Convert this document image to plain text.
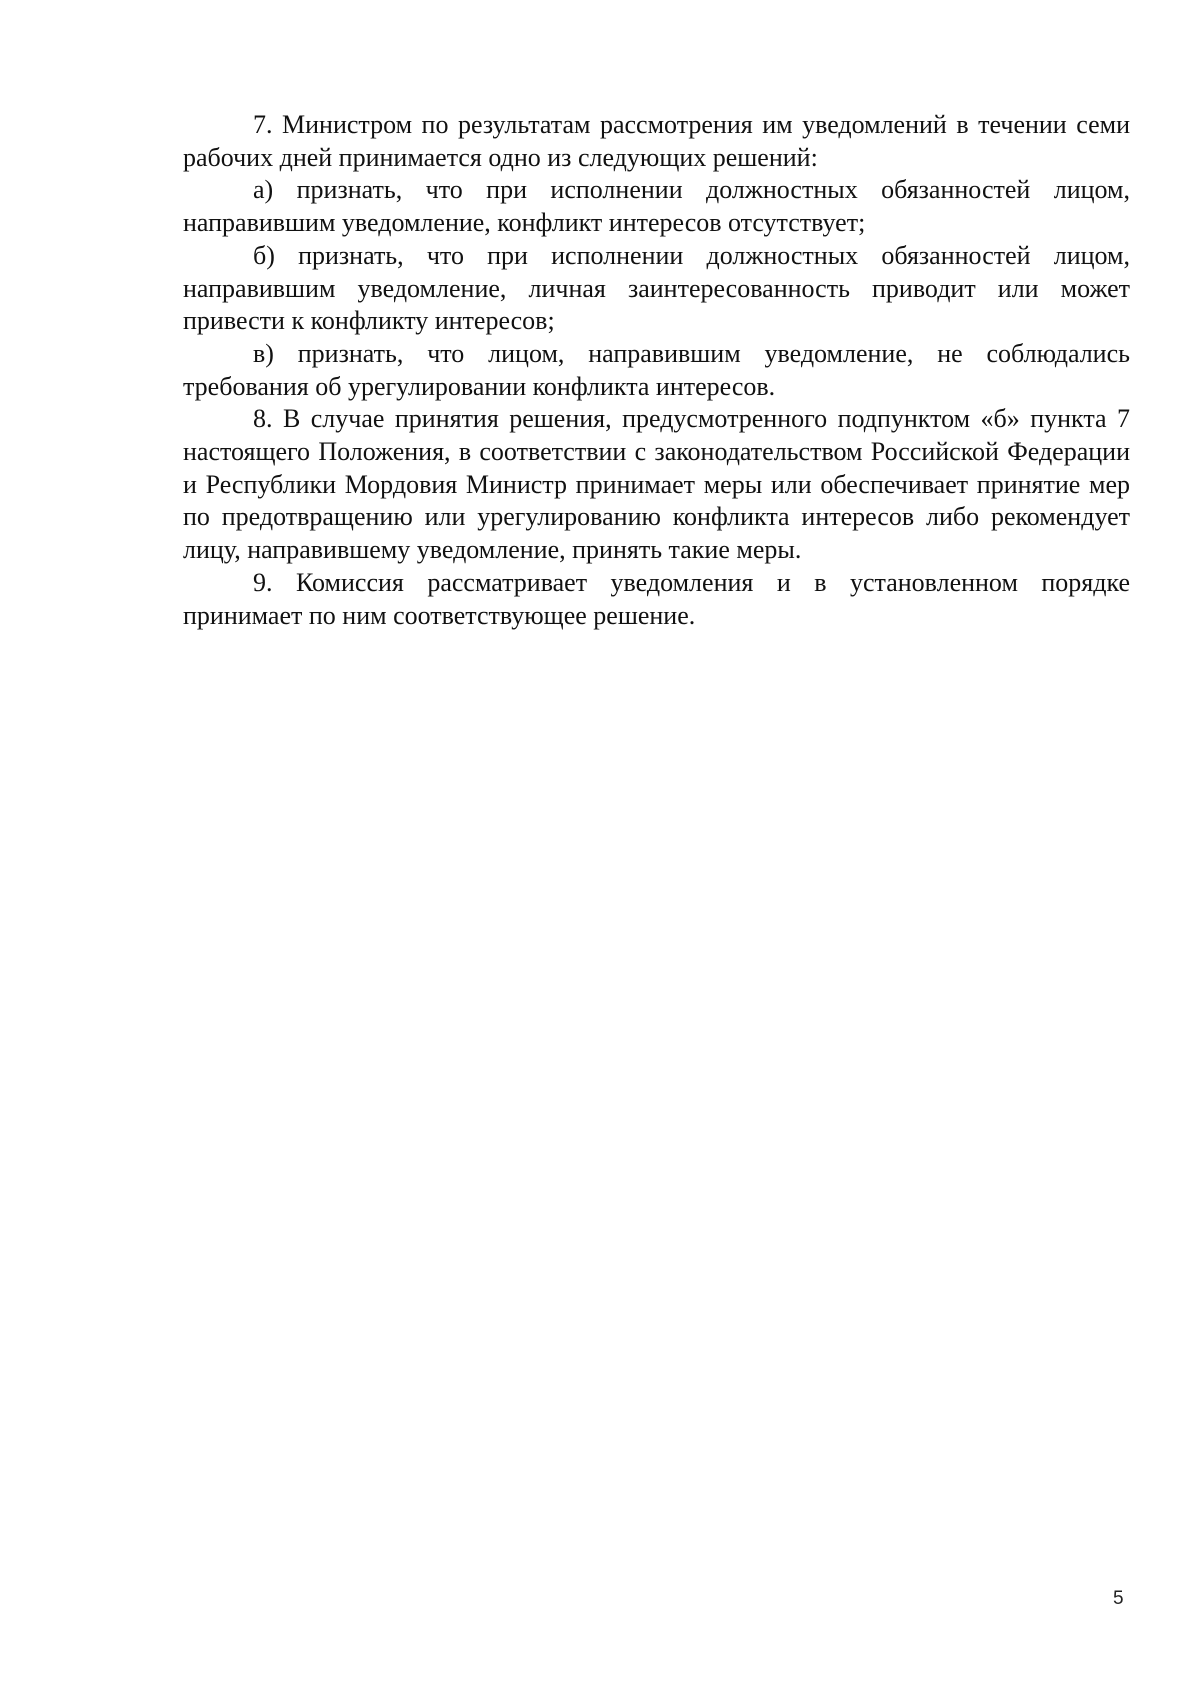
7. Министром по результатам рассмотрения им уведомлений в течении семи рабочих дней принимается одно из следующих решений:

а) признать, что при исполнении должностных обязанностей лицом, направившим уведомление, конфликт интересов отсутствует;

б) признать, что при исполнении должностных обязанностей лицом, направившим уведомление, личная заинтересованность приводит или может привести к конфликту интересов;

в) признать, что лицом, направившим уведомление, не соблюдались требования об урегулировании конфликта интересов.

8. В случае принятия решения, предусмотренного подпунктом «б» пункта 7 настоящего Положения, в соответствии с законодательством Российской Федерации и Республики Мордовия Министр принимает меры или обеспечивает принятие мер по предотвращению или урегулированию конфликта интересов либо рекомендует лицу, направившему уведомление, принять такие меры.

9. Комиссия рассматривает уведомления и в установленном порядке принимает по ним соответствующее решение.

5
